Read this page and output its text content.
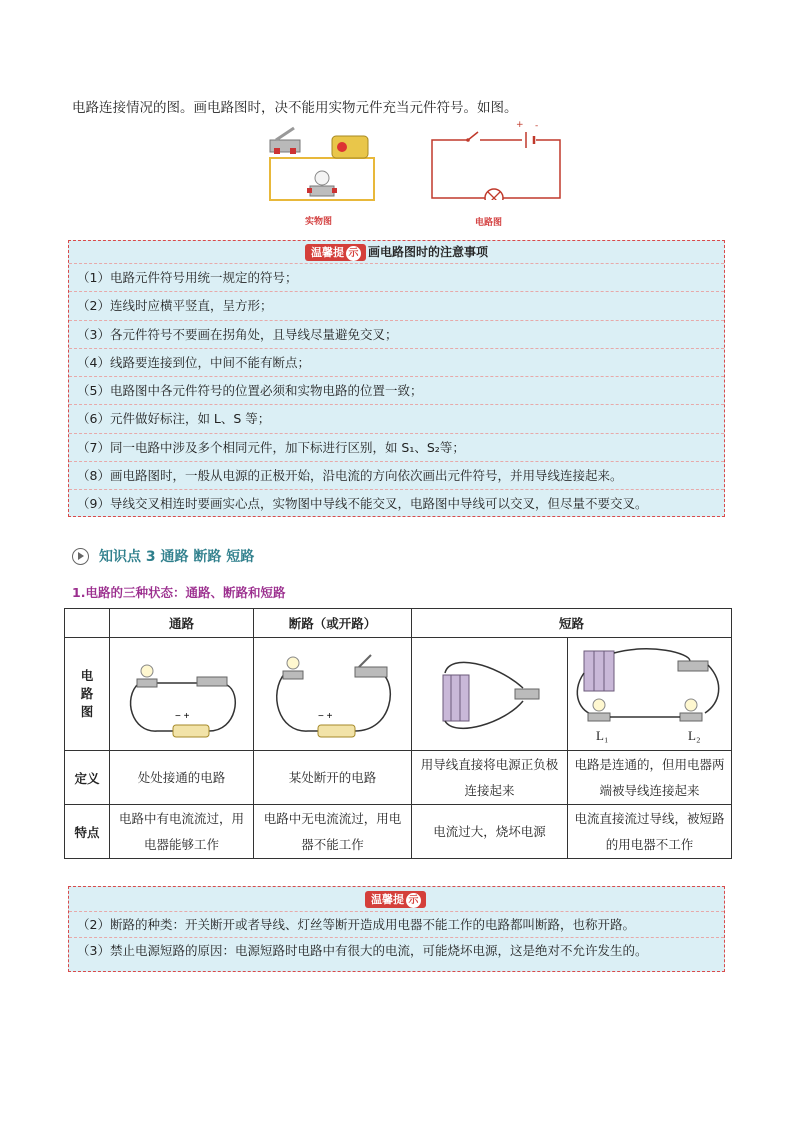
电路连接情况的图。画电路图时，决不能用实物元件充当元件符号。如图。
实物图
+ -
电路图
温馨提 示 画电路图时的注意事项
（1）电路元件符号用统一规定的符号；
（2）连线时应横平竖直，呈方形；
（3）各元件符号不要画在拐角处，且导线尽量避免交叉；
（4）线路要连接到位，中间不能有断点；
（5）电路图中各元件符号的位置必须和实物电路的位置一致；
（6）元件做好标注，如 L、S 等；
（7）同一电路中涉及多个相同元件，加下标进行区别，如 S₁、S₂等；
（8）画电路图时，一般从电源的正极开始，沿电流的方向依次画出元件符号，并用导线连接起来。
（9）导线交叉相连时要画实心点，实物图中导线不能交叉，电路图中导线可以交叉，但尽量不要交叉。
知识点 3 通路 断路 短路
1.电路的三种状态：通路、断路和短路
	通路	断路（或开路）	短路	

电路图	− +	− +		L₁ L₂

定义	处处接通的电路	某处断开的电路	用导线直接将电源正负极连接起来	电路是连通的，但用电器两端被导线连接起来
特点	电路中有电流流过，用电器能够工作	电路中无电流流过，用电器不能工作	电流过大，烧坏电源	电流直接流过导线，被短路的用电器不工作
温馨提 示
（2）断路的种类：开关断开或者导线、灯丝等断开造成用电器不能工作的电路都叫断路，也称开路。
（3）禁止电源短路的原因：电源短路时电路中有很大的电流，可能烧坏电源，这是绝对不允许发生的。
